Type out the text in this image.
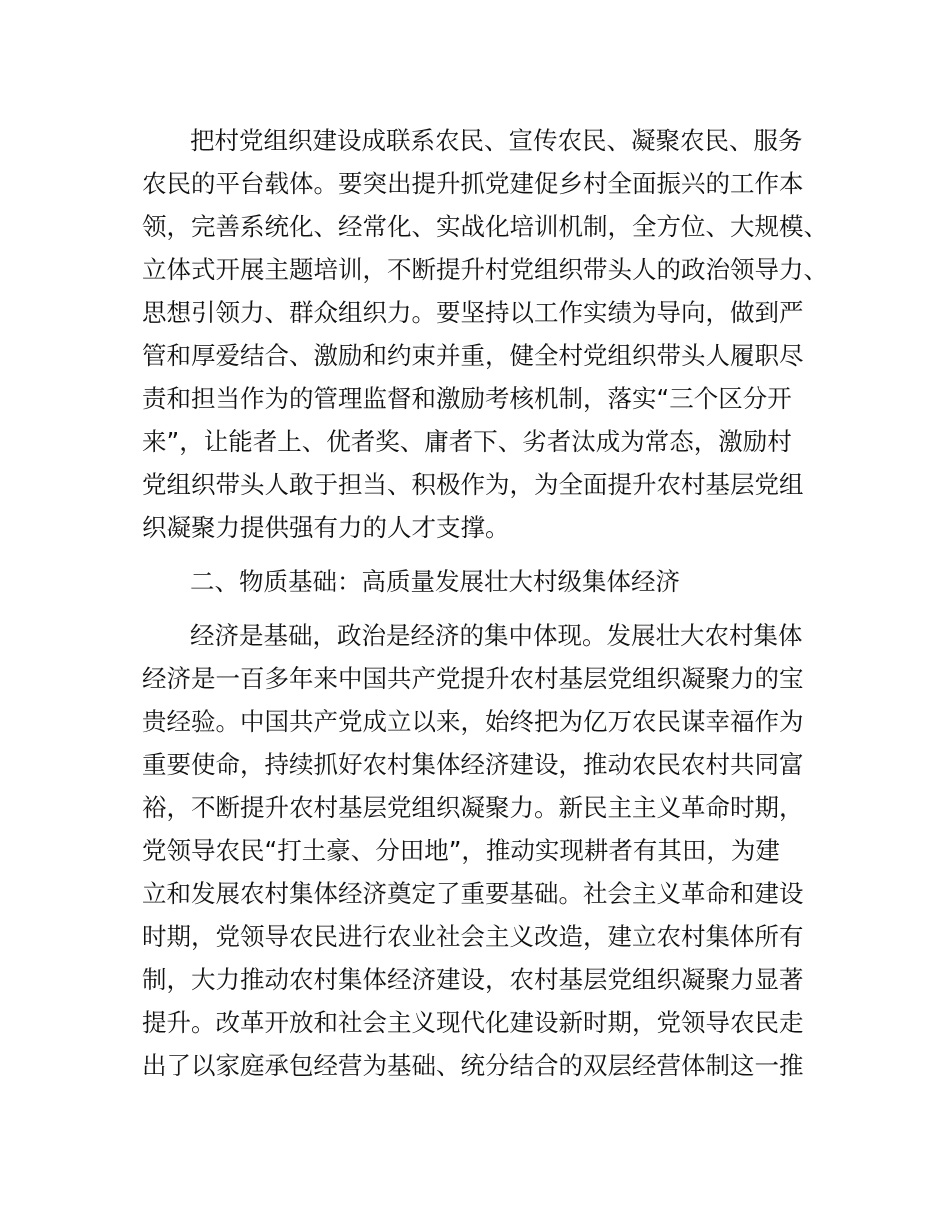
把村党组织建设成联系农民、宣传农民、凝聚农民、服务
农民的平台载体。要突出提升抓党建促乡村全面振兴的工作本
领，完善系统化、经常化、实战化培训机制，全方位、大规模、
立体式开展主题培训，不断提升村党组织带头人的政治领导力、
思想引领力、群众组织力。要坚持以工作实绩为导向，做到严
管和厚爱结合、激励和约束并重，健全村党组织带头人履职尽
责和担当作为的管理监督和激励考核机制，落实“三个区分开
来”，让能者上、优者奖、庸者下、劣者汰成为常态，激励村
党组织带头人敢于担当、积极作为，为全面提升农村基层党组
织凝聚力提供强有力的人才支撑。
二、物质基础：高质量发展壮大村级集体经济
经济是基础，政治是经济的集中体现。发展壮大农村集体
经济是一百多年来中国共产党提升农村基层党组织凝聚力的宝
贵经验。中国共产党成立以来，始终把为亿万农民谋幸福作为
重要使命，持续抓好农村集体经济建设，推动农民农村共同富
裕，不断提升农村基层党组织凝聚力。新民主主义革命时期，
党领导农民“打土豪、分田地”，推动实现耕者有其田，为建
立和发展农村集体经济奠定了重要基础。社会主义革命和建设
时期，党领导农民进行农业社会主义改造，建立农村集体所有
制，大力推动农村集体经济建设，农村基层党组织凝聚力显著
提升。改革开放和社会主义现代化建设新时期，党领导农民走
出了以家庭承包经营为基础、统分结合的双层经营体制这一推
